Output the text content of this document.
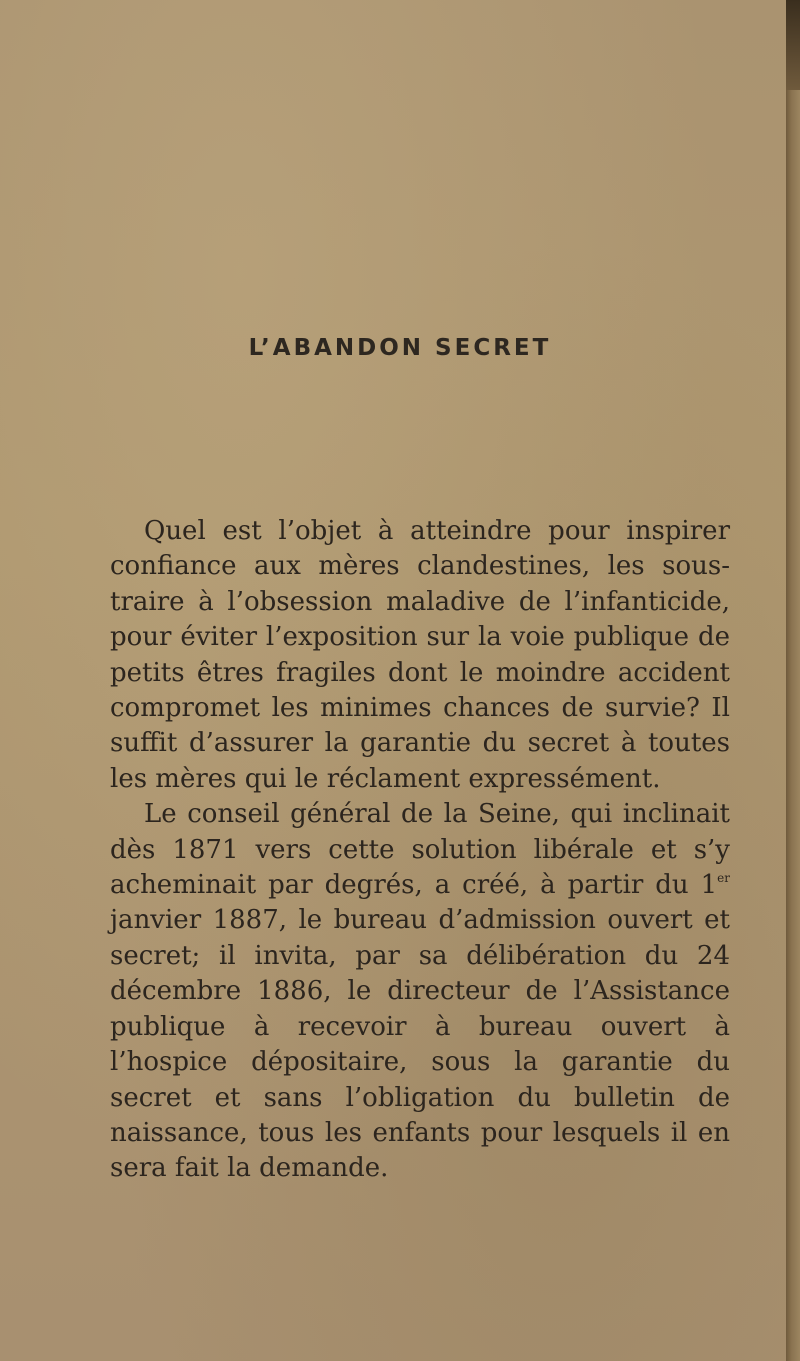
L’ABANDON SECRET

Quel est l’objet à atteindre pour inspirer confiance aux mères clandestines, les sous-traire à l’obsession maladive de l’infanticide, pour éviter l’exposition sur la voie publique de petits êtres fragiles dont le moindre accident compromet les minimes chances de survie? Il suffit d’assurer la garantie du secret à toutes les mères qui le réclament expressément.

Le conseil général de la Seine, qui inclinait dès 1871 vers cette solution libérale et s’y acheminait par degrés, a créé, à partir du 1er janvier 1887, le bureau d’admission ouvert et secret; il invita, par sa délibération du 24 décembre 1886, le directeur de l’Assistance publique à recevoir à bureau ouvert à l’hospice dépositaire, sous la garantie du secret et sans l’obligation du bulletin de naissance, tous les enfants pour lesquels il en sera fait la demande.
